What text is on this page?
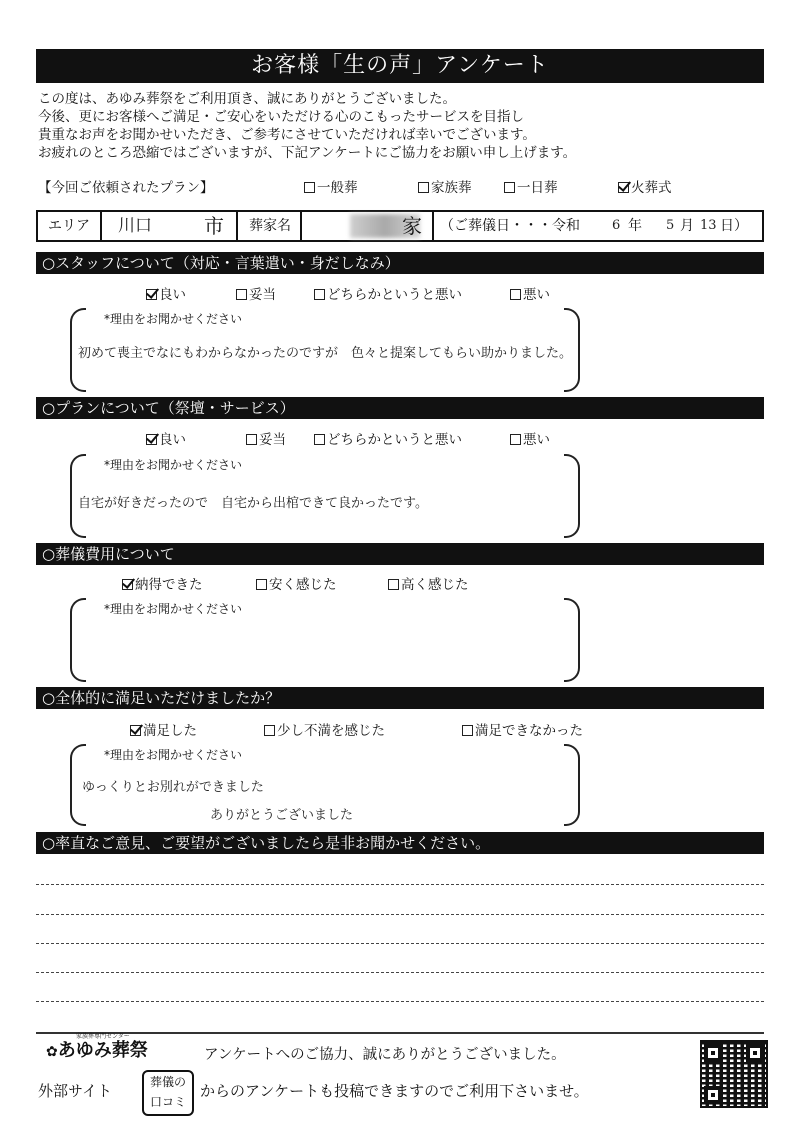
お客様「生の声」アンケート
この度は、あゆみ葬祭をご利用頂き、誠にありがとうございました。
今後、更にお客様へご満足・ご安心をいただける心のこもったサービスを目指し
貴重なお声をお聞かせいただき、ご参考にさせていただければ幸いでございます。
お疲れのところ恐縮ではございますが、下記アンケートにご協力をお願い申し上げます。
【今回ご依頼されたプラン】	一般葬	家族葬	一日葬	火葬式
エリア	川口	市	葬家名	家 （ご葬儀日・・・令和 6 年 5 月 13 日）
○スタッフについて（対応・言葉遣い・身だしなみ）
良い	妥当	どちらかというと悪い	悪い
*理由をお聞かせください
初めて喪主でなにもわからなかったのですが　色々と提案してもらい助かりました。
○プランについて（祭壇・サービス）
良い	妥当	どちらかというと悪い	悪い
*理由をお聞かせください
自宅が好きだったので　自宅から出棺できて良かったです。
○葬儀費用について
納得できた	安く感じた	高く感じた
*理由をお聞かせください
○全体的に満足いただけましたか？
満足した	少し不満を感じた	満足できなかった
*理由をお聞かせください
ゆっくりとお別れができました
ありがとうございました
○率直なご意見、ご要望がございましたら是非お聞かせください。
家族葬専門センター
✿あゆみ葬祭	アンケートへのご協力、誠にありがとうございました。
外部サイト	葬儀の
口コミ
からのアンケートも投稿できますのでご利用下さいませ。
